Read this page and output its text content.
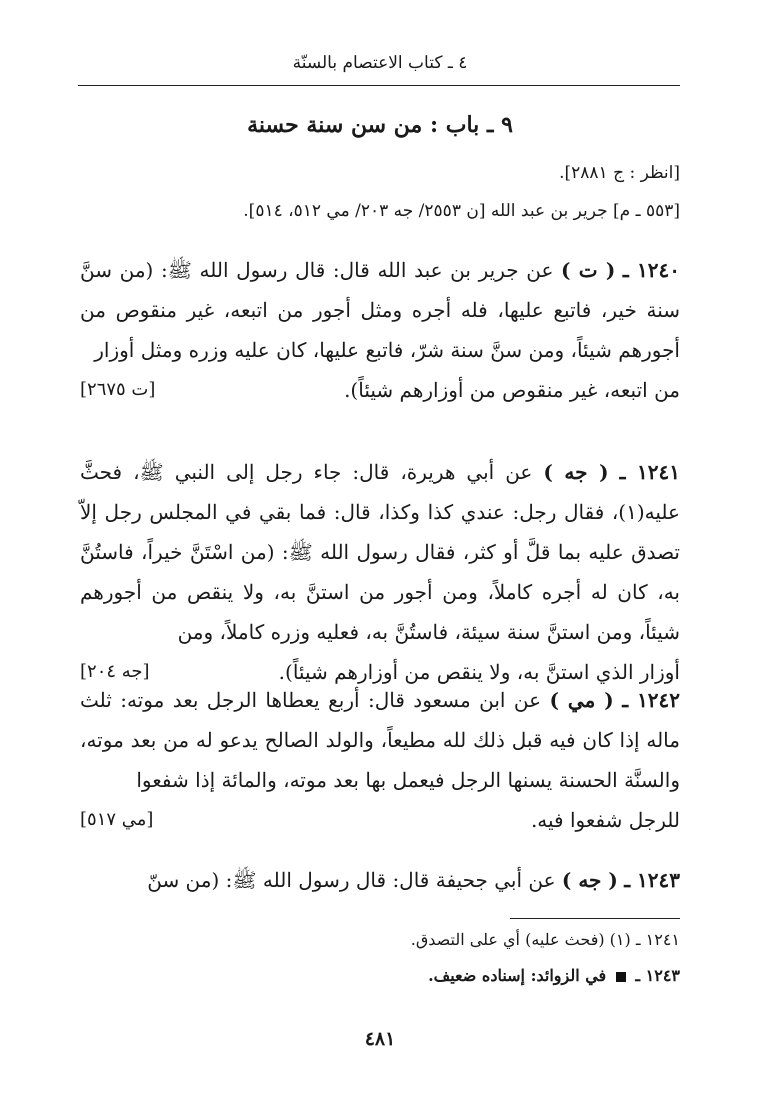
٤ ـ كتاب الاعتصام بالسنّة
٩ ـ باب : من سن سنة حسنة
[انظر : ج ٢٨٨١].
[٥٥٣ ـ م] جرير بن عبد الله [ن ٢٥٥٣/ جه ٢٠٣/ مي ٥١٢، ٥١٤].
١٢٤٠ ـ ( ت ) عن جرير بن عبد الله قال: قال رسول الله ﷺ: (من سنَّ سنة خير، فاتبع عليها، فله أجره ومثل أجور من اتبعه، غير منقوص من أجورهم شيئاً، ومن سنَّ سنة شرّ، فاتبع عليها، كان عليه وزره ومثل أوزار
من اتبعه، غير منقوص من أوزارهم شيئاً).
[ت ٢٦٧٥]
١٢٤١ ـ ( جه ) عن أبي هريرة، قال: جاء رجل إلى النبي ﷺ، فحثَّ عليه(١)، فقال رجل: عندي كذا وكذا، قال: فما بقي في المجلس رجل إلاّ تصدق عليه بما قلَّ أو كثر، فقال رسول الله ﷺ: (من اسْتَنَّ خيراً، فاستُنَّ به، كان له أجره كاملاً، ومن أجور من استنَّ به، ولا ينقص من أجورهم شيئاً، ومن استنَّ سنة سيئة، فاستُنَّ به، فعليه وزره كاملاً، ومن
أوزار الذي استنَّ به، ولا ينقص من أوزارهم شيئاً).
[جه ٢٠٤]
١٢٤٢ ـ ( مي ) عن ابن مسعود قال: أربع يعطاها الرجل بعد موته: ثلث ماله إذا كان فيه قبل ذلك لله مطيعاً، والولد الصالح يدعو له من بعد موته، والسنَّة الحسنة يسنها الرجل فيعمل بها بعد موته، والمائة إذا شفعوا
للرجل شفعوا فيه.
[مي ٥١٧]
١٢٤٣ ـ ( جه ) عن أبي جحيفة قال: قال رسول الله ﷺ: (من سنّ
١٢٤١ ـ (١) (فحث عليه) أي على التصدق.
١٢٤٣ ـ  في الزوائد: إسناده ضعيف.
٤٨١
